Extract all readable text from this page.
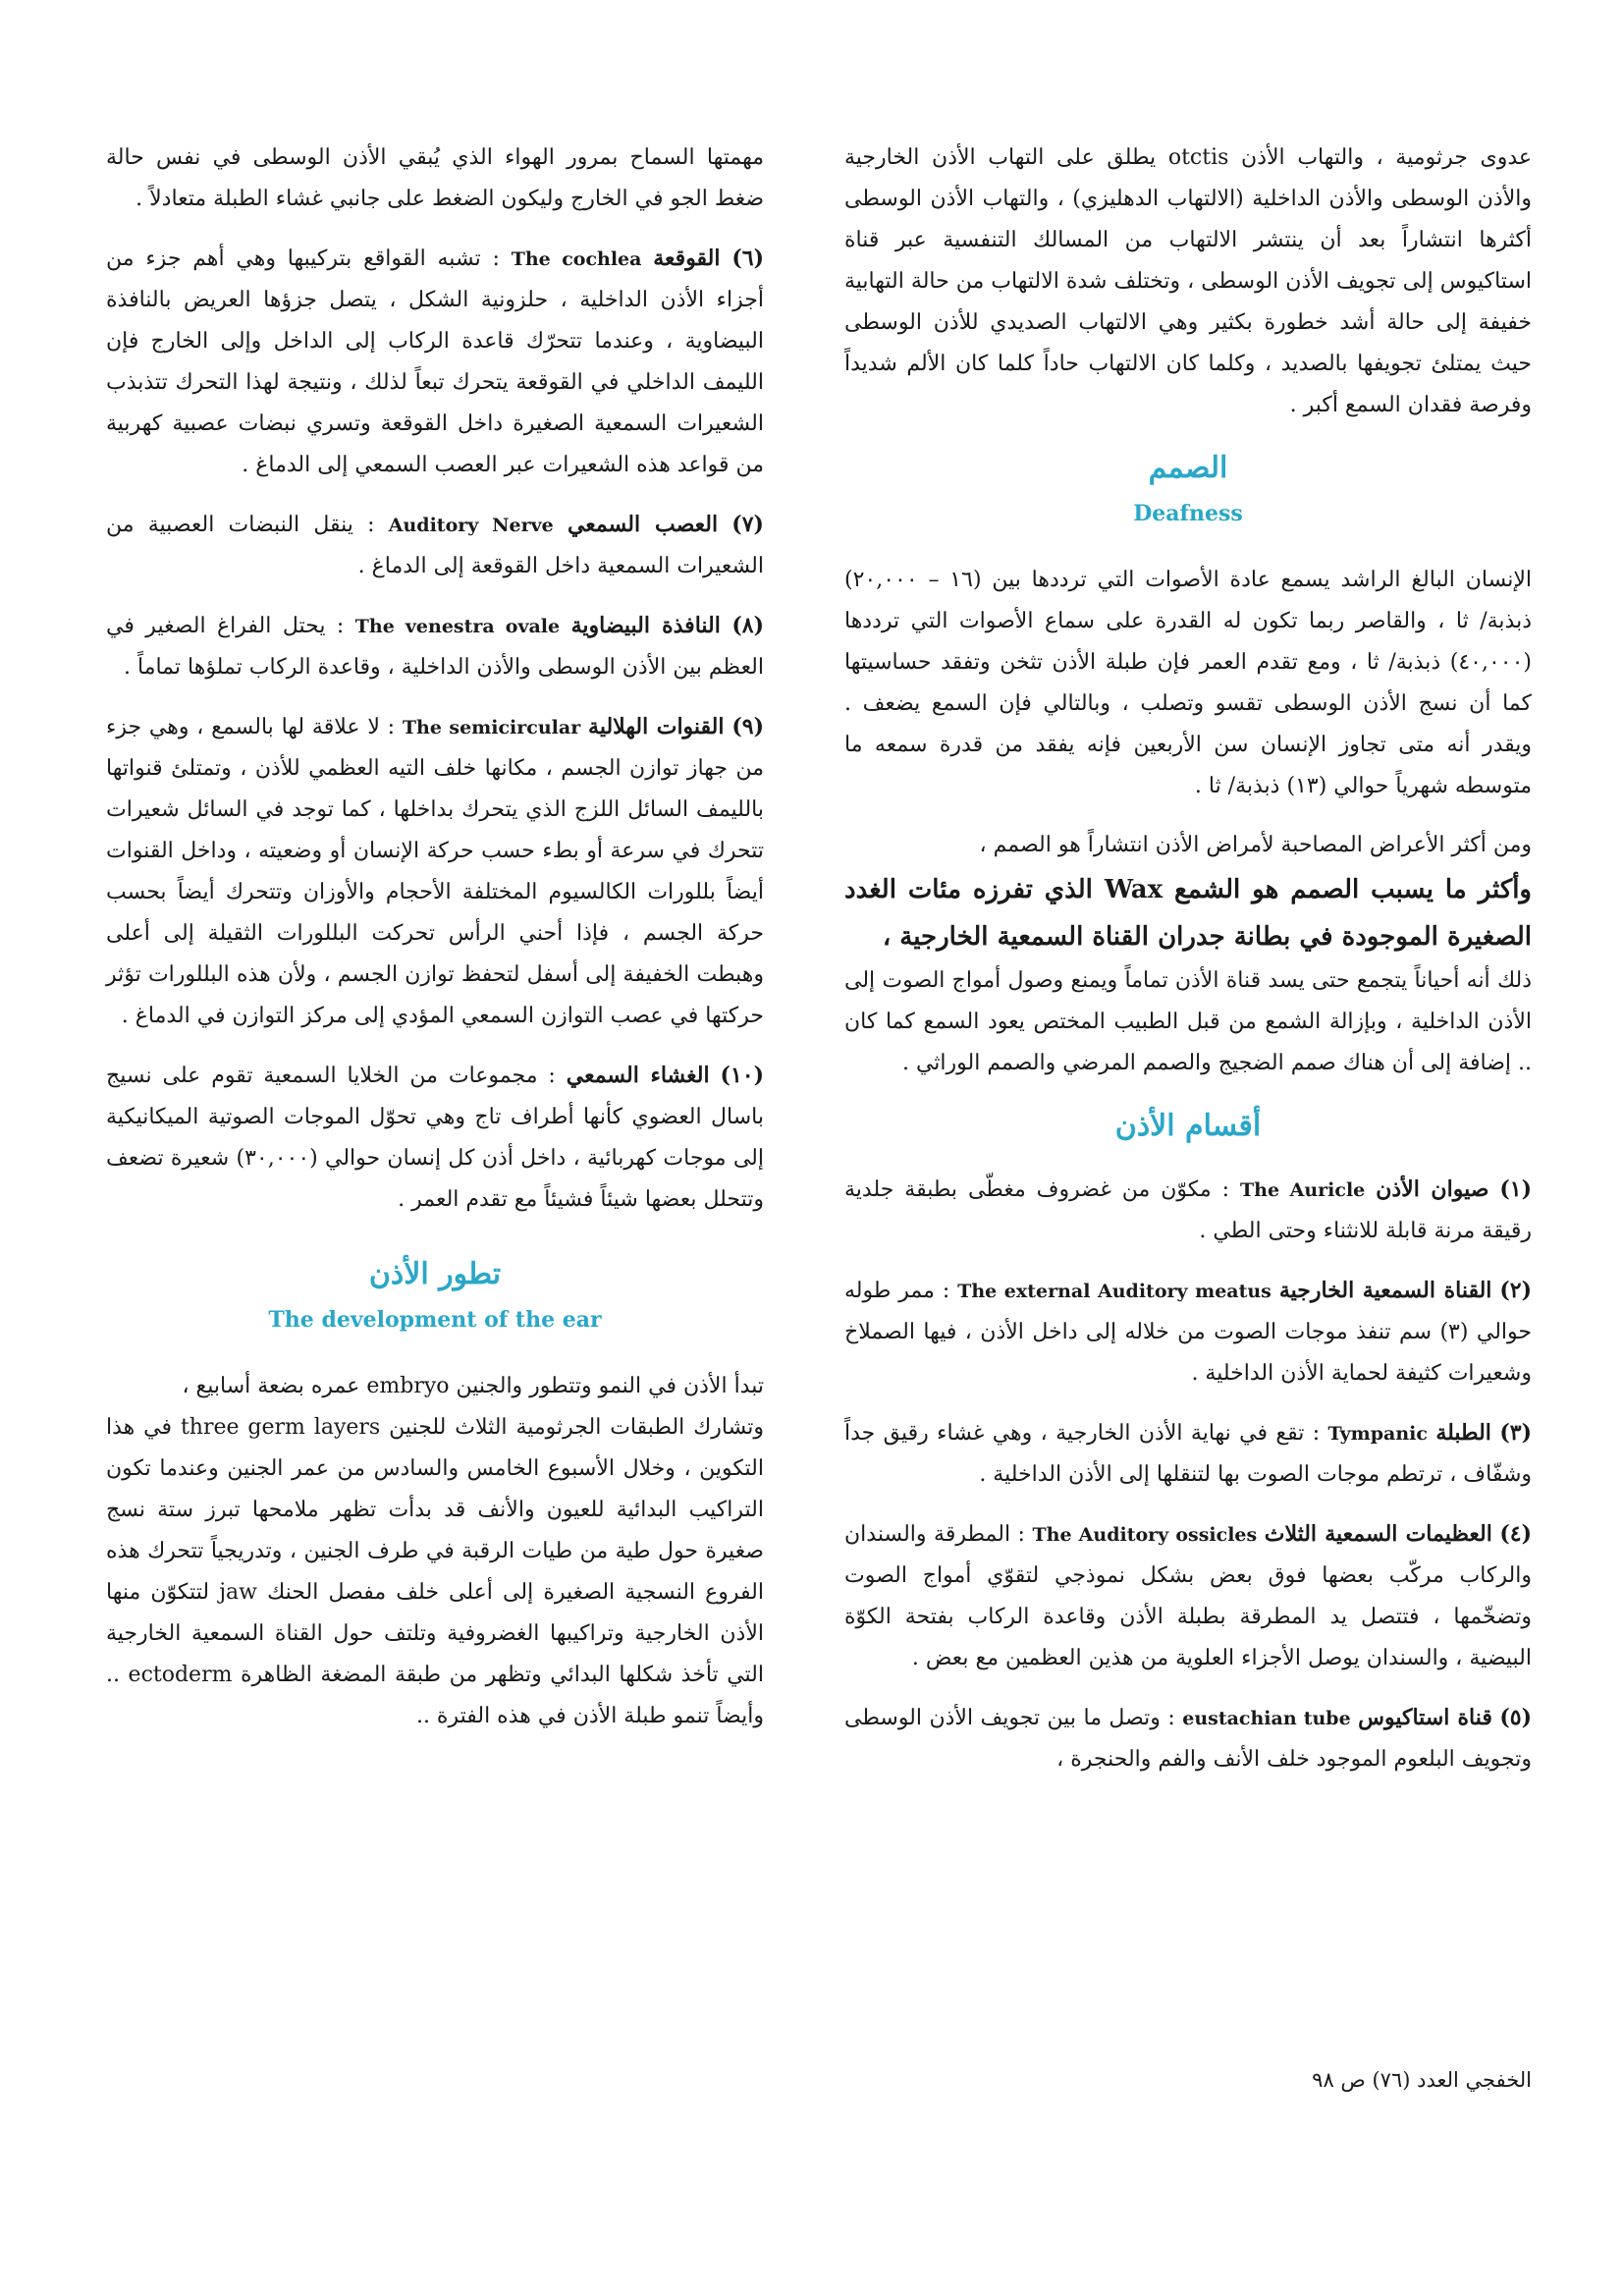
عدوى جرثومية ، والتهاب الأذن otctis يطلق على التهاب الأذن الخارجية والأذن الوسطى والأذن الداخلية (الالتهاب الدهليزي) ، والتهاب الأذن الوسطى أكثرها انتشاراً بعد أن ينتشر الالتهاب من المسالك التنفسية عبر قناة استاكيوس إلى تجويف الأذن الوسطى ، وتختلف شدة الالتهاب من حالة التهابية خفيفة إلى حالة أشد خطورة بكثير وهي الالتهاب الصديدي للأذن الوسطى حيث يمتلئ تجويفها بالصديد ، وكلما كان الالتهاب حاداً كلما كان الألم شديداً وفرصة فقدان السمع أكبر .

الصمم
Deafness

الإنسان البالغ الراشد يسمع عادة الأصوات التي ترددها بين (١٦ – ٢٠,٠٠٠) ذبذبة/ ثا ، والقاصر ربما تكون له القدرة على سماع الأصوات التي ترددها (٤٠,٠٠٠) ذبذبة/ ثا ، ومع تقدم العمر فإن طبلة الأذن تثخن وتفقد حساسيتها كما أن نسج الأذن الوسطى تقسو وتصلب ، وبالتالي فإن السمع يضعف . ويقدر أنه متى تجاوز الإنسان سن الأربعين فإنه يفقد من قدرة سمعه ما متوسطه شهرياً حوالي (١٣) ذبذبة/ ثا .

ومن أكثر الأعراض المصاحبة لأمراض الأذن انتشاراً هو الصمم ،

وأكثر ما يسبب الصمم هو الشمع Wax الذي تفرزه مئات الغدد الصغيرة الموجودة في بطانة جدران القناة السمعية الخارجية ،

ذلك أنه أحياناً يتجمع حتى يسد قناة الأذن تماماً ويمنع وصول أمواج الصوت إلى الأذن الداخلية ، وبإزالة الشمع من قبل الطبيب المختص يعود السمع كما كان .. إضافة إلى أن هناك صمم الضجيج والصمم المرضي والصمم الوراثي .

أقسام الأذن

(١) صيوان الأذن The Auricle : مكوّن من غضروف مغطّى بطبقة جلدية رقيقة مرنة قابلة للانثناء وحتى الطي .

(٢) القناة السمعية الخارجية The external Auditory meatus : ممر طوله حوالي (٣) سم تنفذ موجات الصوت من خلاله إلى داخل الأذن ، فيها الصملاخ وشعيرات كثيفة لحماية الأذن الداخلية .

(٣) الطبلة Tympanic : تقع في نهاية الأذن الخارجية ، وهي غشاء رقيق جداً وشفّاف ، ترتطم موجات الصوت بها لتنقلها إلى الأذن الداخلية .

(٤) العظيمات السمعية الثلاث The Auditory ossicles : المطرقة والسندان والركاب مركّب بعضها فوق بعض بشكل نموذجي لتقوّي أمواج الصوت وتضخّمها ، فتتصل يد المطرقة بطبلة الأذن وقاعدة الركاب بفتحة الكوّة البيضية ، والسندان يوصل الأجزاء العلوية من هذين العظمين مع بعض .

(٥) قناة استاكيوس eustachian tube : وتصل ما بين تجويف الأذن الوسطى وتجويف البلعوم الموجود خلف الأنف والفم والحنجرة ،

مهمتها السماح بمرور الهواء الذي يُبقي الأذن الوسطى في نفس حالة ضغط الجو في الخارج وليكون الضغط على جانبي غشاء الطبلة متعادلاً .

(٦) القوقعة The cochlea : تشبه القواقع بتركيبها وهي أهم جزء من أجزاء الأذن الداخلية ، حلزونية الشكل ، يتصل جزؤها العريض بالنافذة البيضاوية ، وعندما تتحرّك قاعدة الركاب إلى الداخل وإلى الخارج فإن الليمف الداخلي في القوقعة يتحرك تبعاً لذلك ، ونتيجة لهذا التحرك تتذبذب الشعيرات السمعية الصغيرة داخل القوقعة وتسري نبضات عصبية كهربية من قواعد هذه الشعيرات عبر العصب السمعي إلى الدماغ .

(٧) العصب السمعي Auditory Nerve : ينقل النبضات العصبية من الشعيرات السمعية داخل القوقعة إلى الدماغ .

(٨) النافذة البيضاوية The venestra ovale : يحتل الفراغ الصغير في العظم بين الأذن الوسطى والأذن الداخلية ، وقاعدة الركاب تملؤها تماماً .

(٩) القنوات الهلالية The semicircular : لا علاقة لها بالسمع ، وهي جزء من جهاز توازن الجسم ، مكانها خلف التيه العظمي للأذن ، وتمتلئ قنواتها بالليمف السائل اللزج الذي يتحرك بداخلها ، كما توجد في السائل شعيرات تتحرك في سرعة أو بطء حسب حركة الإنسان أو وضعيته ، وداخل القنوات أيضاً بللورات الكالسيوم المختلفة الأحجام والأوزان وتتحرك أيضاً بحسب حركة الجسم ، فإذا أحني الرأس تحركت البللورات الثقيلة إلى أعلى وهبطت الخفيفة إلى أسفل لتحفظ توازن الجسم ، ولأن هذه البللورات تؤثر حركتها في عصب التوازن السمعي المؤدي إلى مركز التوازن في الدماغ .

(١٠) الغشاء السمعي : مجموعات من الخلايا السمعية تقوم على نسيج باسال العضوي كأنها أطراف تاج وهي تحوّل الموجات الصوتية الميكانيكية إلى موجات كهربائية ، داخل أذن كل إنسان حوالي (٣٠,٠٠٠) شعيرة تضعف وتتحلل بعضها شيئاً فشيئاً مع تقدم العمر .

تطور الأذن
The development of the ear

تبدأ الأذن في النمو وتتطور والجنين embryo عمره بضعة أسابيع ،

وتشارك الطبقات الجرثومية الثلاث للجنين three germ layers في هذا التكوين ، وخلال الأسبوع الخامس والسادس من عمر الجنين وعندما تكون التراكيب البدائية للعيون والأنف قد بدأت تظهر ملامحها تبرز ستة نسج صغيرة حول طية من طيات الرقبة في طرف الجنين ، وتدريجياً تتحرك هذه الفروع النسجية الصغيرة إلى أعلى خلف مفصل الحنك jaw لتتكوّن منها الأذن الخارجية وتراكيبها الغضروفية وتلتف حول القناة السمعية الخارجية التي تأخذ شكلها البدائي وتظهر من طبقة المضغة الظاهرة ectoderm .. وأيضاً تنمو طبلة الأذن في هذه الفترة ..

الخفجي العدد (٧٦) ص ٩٨
